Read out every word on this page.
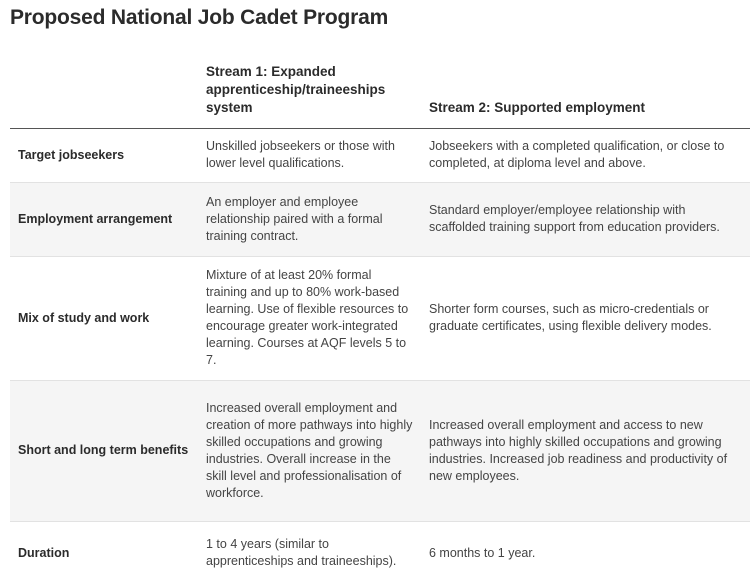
Proposed National Job Cadet Program
	Stream 1: Expanded apprenticeship/traineeships system	Stream 2: Supported employment
Target jobseekers	Unskilled jobseekers or those with lower level qualifications.	Jobseekers with a completed qualification, or close to completed, at diploma level and above.
Employment arrangement	An employer and employee relationship paired with a formal training contract.	Standard employer/employee relationship with scaffolded training support from education providers.
Mix of study and work	Mixture of at least 20% formal training and up to 80% work-based learning. Use of flexible resources to encourage greater work-integrated learning. Courses at AQF levels 5 to 7.	Shorter form courses, such as micro-credentials or graduate certificates, using flexible delivery modes.
Short and long term benefits	Increased overall employment and creation of more pathways into highly skilled occupations and growing industries. Overall increase in the skill level and professionalisation of workforce.	Increased overall employment and access to new pathways into highly skilled occupations and growing industries. Increased job readiness and productivity of new employees.
Duration	1 to 4 years (similar to apprenticeships and traineeships).	6 months to 1 year.
